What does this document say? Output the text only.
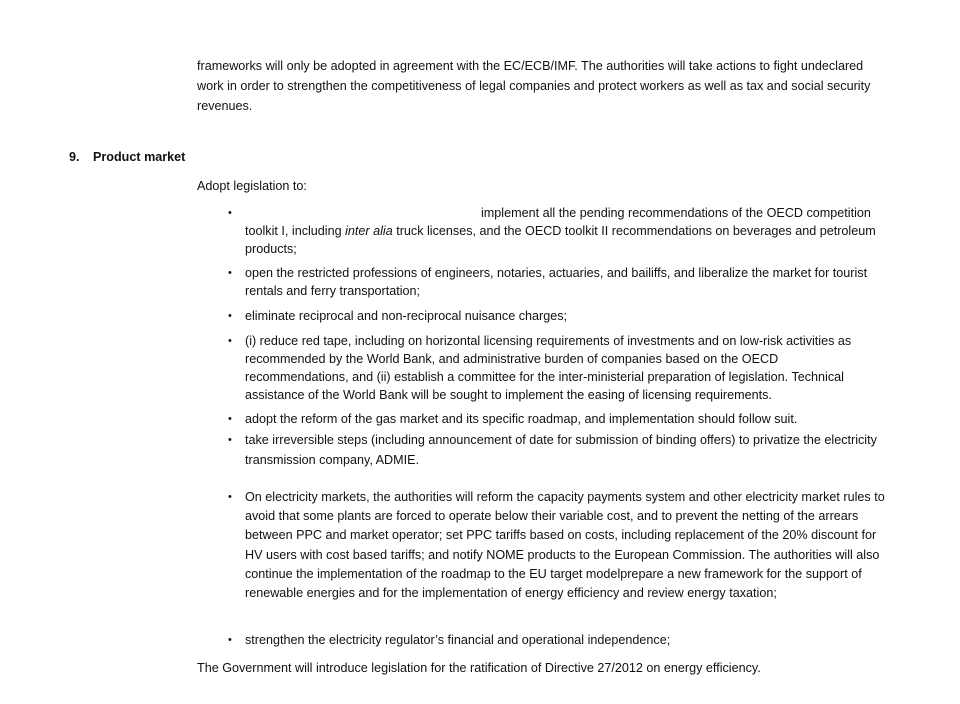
frameworks will only be adopted in agreement with the EC/ECB/IMF. The authorities will take actions to fight undeclared work in order to strengthen the competitiveness of legal companies and protect workers as well as tax and social security revenues.

9. Product market

Adopt legislation to:

•	implement all the pending recommendations of the OECD competition toolkit I, including inter alia truck licenses, and the OECD toolkit II recommendations on beverages and petroleum products;
• open the restricted professions of engineers, notaries, actuaries, and bailiffs, and liberalize the market for tourist rentals and ferry transportation;
• eliminate reciprocal and non-reciprocal nuisance charges;
• (i) reduce red tape, including on horizontal licensing requirements of investments and on low-risk activities as recommended by the World Bank, and administrative burden of companies based on the OECD recommendations, and (ii) establish a committee for the inter-ministerial preparation of legislation. Technical assistance of the World Bank will be sought to implement the easing of licensing requirements.
• adopt the reform of the gas market and its specific roadmap, and implementation should follow suit.
• take irreversible steps (including announcement of date for submission of binding offers) to privatize the electricity transmission company, ADMIE.
• On electricity markets, the authorities will reform the capacity payments system and other electricity market rules to avoid that some plants are forced to operate below their variable cost, and to prevent the netting of the arrears between PPC and market operator; set PPC tariffs based on costs, including replacement of the 20% discount for HV users with cost based tariffs; and notify NOME products to the European Commission. The authorities will also continue the implementation of the roadmap to the EU target modelprepare a new framework for the support of renewable energies and for the implementation of energy efficiency and review energy taxation;
• strengthen the electricity regulator’s financial and operational independence;

The Government will introduce legislation for the ratification of Directive 27/2012 on energy efficiency.
